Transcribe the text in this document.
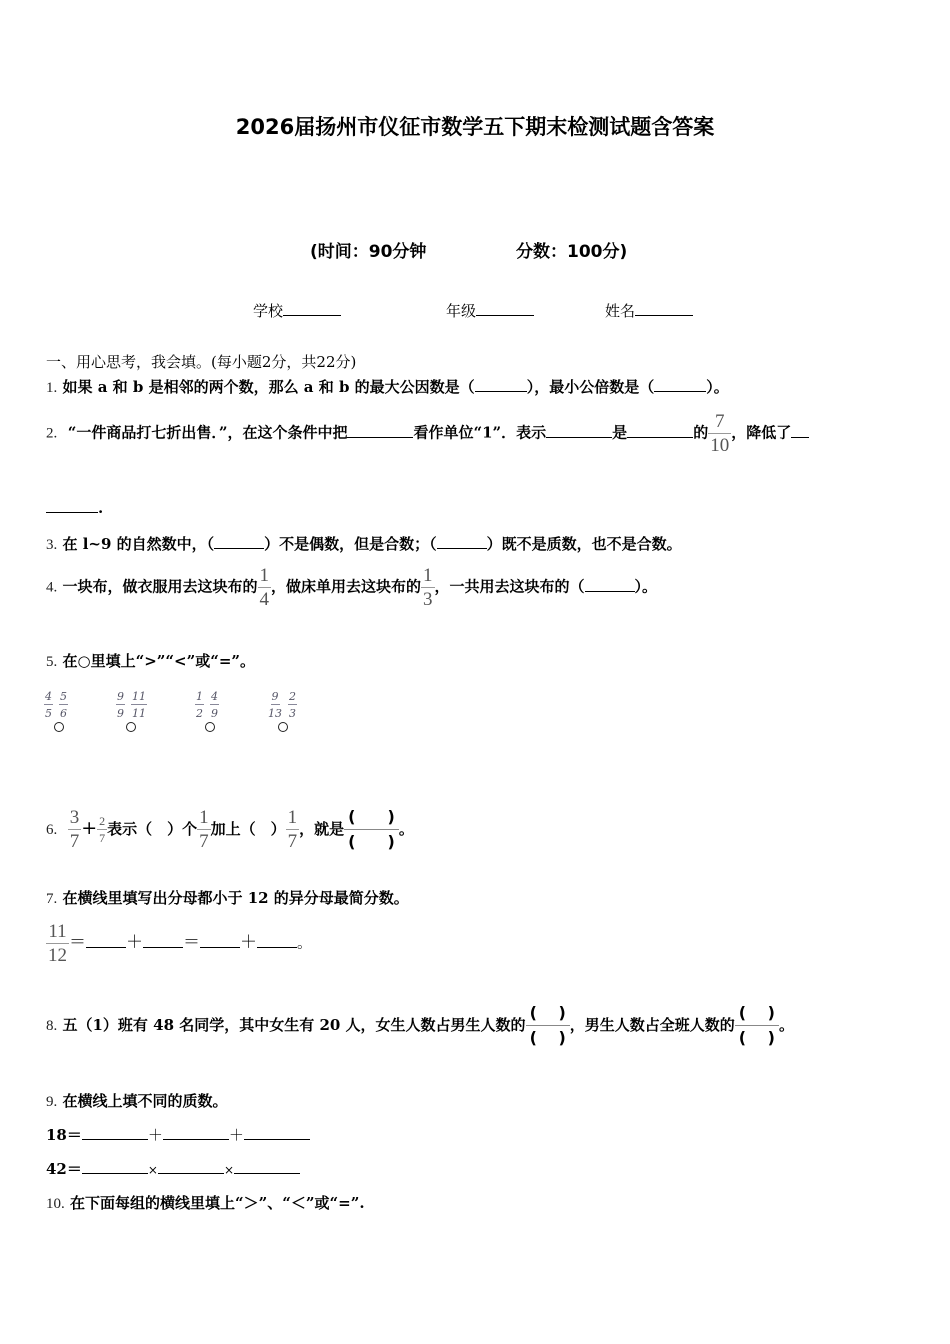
2026届扬州市仪征市数学五下期末检测试题含答案
(时间：90分钟	分数：100分)
学校	年级	姓名
一、用心思考，我会填。(每小题2分，共22分)
1. 如果 a 和 b 是相邻的两个数，那么 a 和 b 的最大公因数是（	），最小公倍数是（	）。
2. “一件商品打七折出售．”，在这个条件中把	看作单位“1”．表示	是	的 $\frac{7}{10}$ ，降低了
.
3. 在 l~9 的自然数中，（	）不是偶数，但是合数；（	）既不是质数，也不是合数。
4. 一块布，做衣服用去这块布的 $\frac{1}{4}$ ，做床单用去这块布的 $\frac{1}{3}$ ，一共用去这块布的（	）。
5. 在○里填上“>”“<”或“=”。
4
5
5
6
9
9
11
11
1
2
4
9
9
13
2
3
6. $\frac{3}{7} + \frac{2}{7}$ 表示（　）个 $\frac{1}{7}$ 加上（　） $\frac{1}{7}$ ，就是 $\frac{( )}{( )}$ 。
7. 在横线里填写出分母都小于 12 的异分母最简分数。
$\frac{11}{12}$ ＝ ＋ ＝ ＋	。
8. 五（1）班有 48 名同学，其中女生有 20 人，女生人数占男生人数的 $\frac{( )}{( )}$ ，男生人数占全班人数的 $\frac{( )}{( )}$ 。
9. 在横线上填不同的质数。
18＝	＋	＋
42＝	×	×
10. 在下面每组的横线里填上“＞”、“＜”或“=”.
